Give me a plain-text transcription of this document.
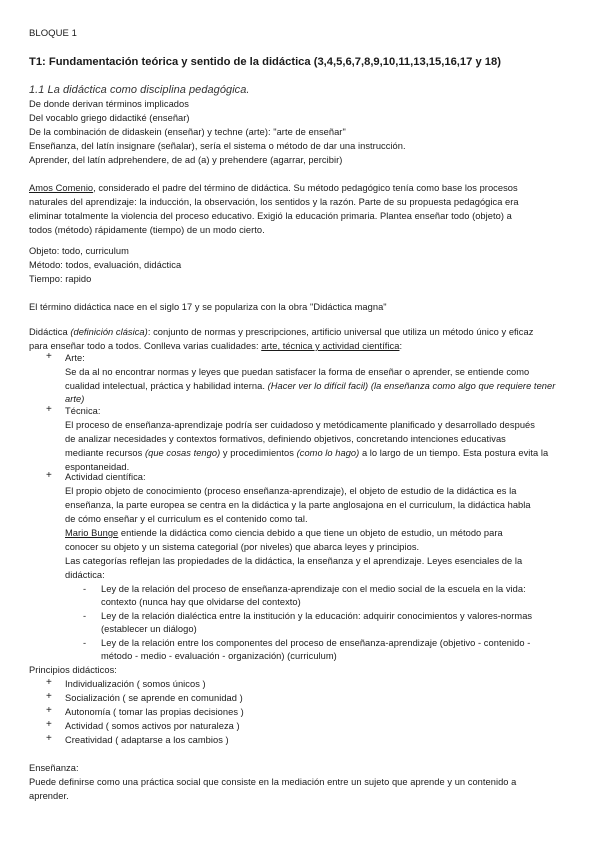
BLOQUE 1
T1: Fundamentación teórica y sentido de la didáctica (3,4,5,6,7,8,9,10,11,13,15,16,17 y 18)
1.1 La didáctica como disciplina pedagógica.
De donde derivan términos implicados
Del vocablo griego didactiké (enseñar)
De la combinación de didaskein (enseñar) y techne (arte): "arte de enseñar"
Enseñanza, del latín insignare (señalar), sería el sistema o método de dar una instrucción.
Aprender, del latín adprehendere, de ad (a) y prehendere (agarrar, percibir)
Amos Comenio, considerado el padre del término de didáctica. Su método pedagógico tenía como base los procesos
naturales del aprendizaje: la inducción, la observación, los sentidos y la razón. Parte de su propuesta pedagógica era
eliminar totalmente la violencia del proceso educativo. Exigió la educación primaria. Plantea enseñar todo (objeto) a
todos (método) rápidamente (tiempo) de un modo cierto.
Objeto: todo, curriculum
Método: todos, evaluación, didáctica
Tiempo: rapido
El término didáctica nace en el siglo 17 y se populariza con la obra "Didáctica magna"
Didáctica (definición clásica): conjunto de normas y prescripciones, artificio universal que utiliza un método único y eficaz
para enseñar todo a todos. Conlleva varias cualidades: arte, técnica y actividad científica:
+ Arte:
Se da al no encontrar normas y leyes que puedan satisfacer la forma de enseñar o aprender, se entiende como
cualidad intelectual, práctica y habilidad interna. (Hacer ver lo difícil facil) (la enseñanza como algo que requiere tener
arte)
+ Técnica:
El proceso de enseñanza-aprendizaje podría ser cuidadoso y metódicamente planificado y desarrollado después
de analizar necesidades y contextos formativos, definiendo objetivos, concretando intenciones educativas
mediante recursos (que cosas tengo) y procedimientos (como lo hago) a lo largo de un tiempo. Esta postura evita la
espontaneidad.
+ Actividad científica:
El propio objeto de conocimiento (proceso enseñanza-aprendizaje), el objeto de estudio de la didáctica es la
enseñanza, la parte europea se centra en la didáctica y la parte anglosajona en el curriculum, la didáctica habla
de cómo enseñar y el curriculum es el contenido como tal.
Mario Bunge entiende la didáctica como ciencia debido a que tiene un objeto de estudio, un método para
conocer su objeto y un sistema categorial (por niveles) que abarca leyes y principios.
Las categorías reflejan las propiedades de la didáctica, la enseñanza y el aprendizaje. Leyes esenciales de la
didáctica:
- Ley de la relación del proceso de enseñanza-aprendizaje con el medio social de la escuela en la vida:
contexto (nunca hay que olvidarse del contexto)
- Ley de la relación dialéctica entre la institución y la educación: adquirir conocimientos y valores-normas
(establecer un diálogo)
- Ley de la relación entre los componentes del proceso de enseñanza-aprendizaje (objetivo - contenido -
método - medio - evaluación - organización) (curriculum)
Principios didácticos:
+ Individualización ( somos únicos )
+ Socialización ( se aprende en comunidad )
+ Autonomía ( tomar las propias decisiones )
+ Actividad ( somos activos por naturaleza )
+ Creatividad ( adaptarse a los cambios )
Enseñanza:
Puede definirse como una práctica social que consiste en la mediación entre un sujeto que aprende y un contenido a
aprender.
